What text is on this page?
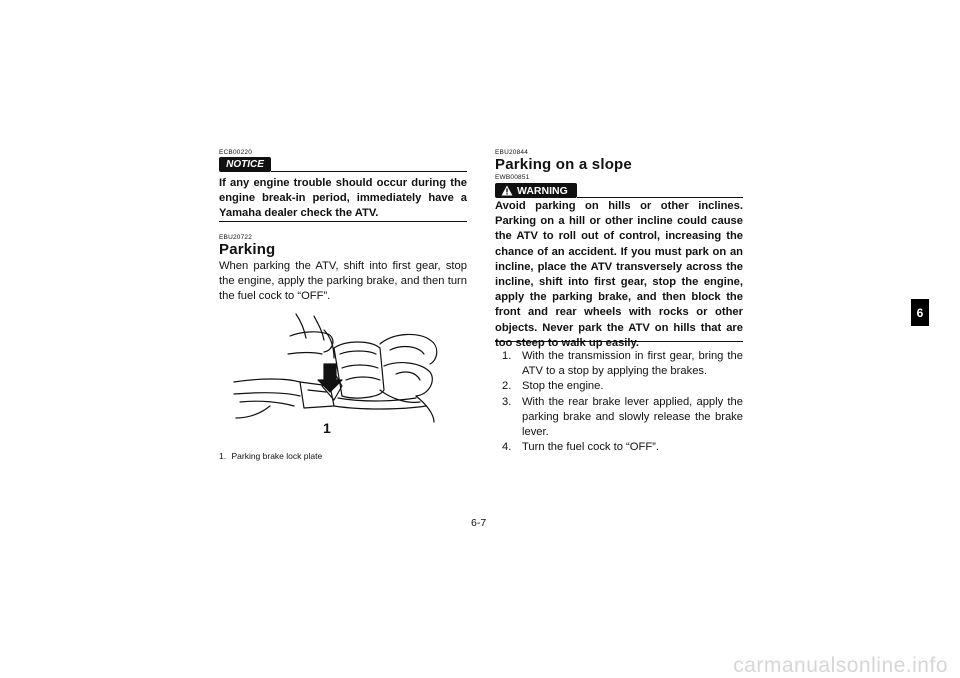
ECB00220
NOTICE
If any engine trouble should occur during the engine break-in period, immediately have a Yamaha dealer check the ATV.
EBU20722
Parking
When parking the ATV, shift into first gear, stop the engine, apply the parking brake, and then turn the fuel cock to “OFF”.
1
1. Parking brake lock plate
EBU20844
Parking on a slope
EWB00851
WARNING
Avoid parking on hills or other inclines. Parking on a hill or other incline could cause the ATV to roll out of control, increasing the chance of an accident. If you must park on an incline, place the ATV transversely across the incline, shift into first gear, stop the engine, apply the parking brake, and then block the front and rear wheels with rocks or other objects. Never park the ATV on hills that are too steep to walk up easily.
1. With the transmission in first gear, bring the ATV to a stop by applying the brakes.
2. Stop the engine.
3. With the rear brake lever applied, apply the parking brake and slowly release the brake lever.
4. Turn the fuel cock to “OFF”.
6
6-7
carmanualsonline.info
